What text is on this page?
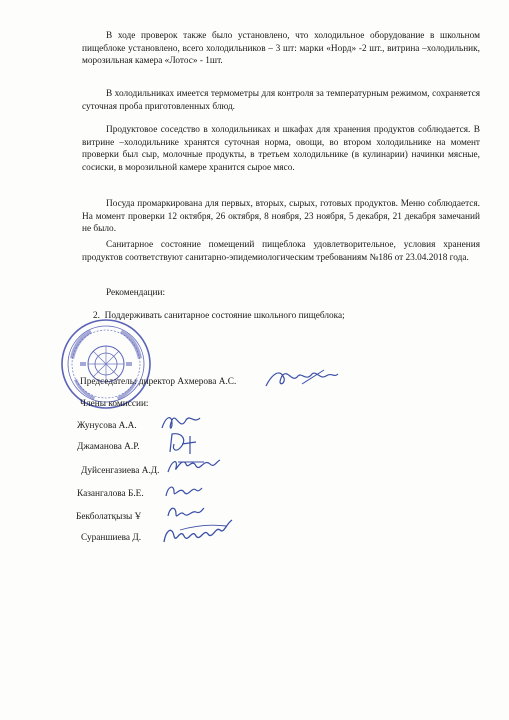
В ходе проверок также было установлено, что холодильное оборудование в школьном пищеблоке установлено, всего холодильников – 3 шт: марки «Норд» -2 шт., витрина –холодильник, морозильная камера «Лотос» - 1шт.

В холодильниках имеется термометры для контроля за температурным режимом, сохраняется суточная проба приготовленных блюд.

Продуктовое соседство в холодильниках и шкафах для хранения продуктов соблюдается. В витрине –холодильнике хранятся суточная норма, овощи, во втором холодильнике на момент проверки был сыр, молочные продукты, в третьем холодильнике (в кулинарии) начинки мясные, сосиски, в морозильной камере хранится сырое мясо.

Посуда промаркирована для первых, вторых, сырых, готовых продуктов. Меню соблюдается. На момент проверки 12 октября, 26 октября, 8 ноября, 23 ноября, 5 декабря, 21 декабря замечаний не было.

Санитарное состояние помещений пищеблока удовлетворительное, условия хранения продуктов соответствуют санитарно-эпидемиологическим требованиям №186 от 23.04.2018 года.

Рекомендации:

2. Поддерживать санитарное состояние школьного пищеблока;

Председатель: директор Ахмерова А.С.

Члены комиссии:

Жунусова А.А.
Джаманова А.Р.
Дуйсенгазиева А.Д.
Казангалова Б.Е.
Бекболатқызы Ұ
Сураншиева Д.
